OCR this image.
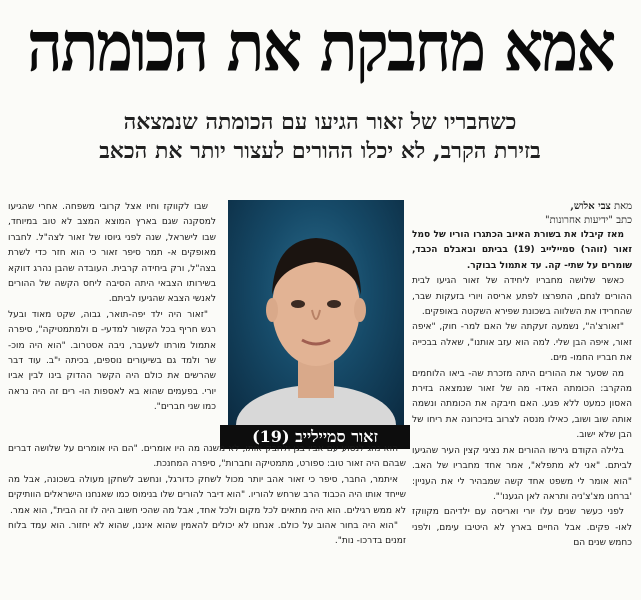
אמא מחבקת את הכומתה
כשחבריו של זאור הגיעו עם הכומתה שנמצאה
בזירת הקרב, לא יכלו ההורים לעצור יותר את הכאב

מאת צבי אלוש,

כתב "ידיעות אחרונות"

מאז קיבלו את בשורת האיוב הכתגרו הוריו של סמל זאור (זוהר) סמיילייב (19) בביתם ובאבלם הכבד, שומרים על שתי- קה. עד אתמול בבוקר.

כאשר שלושה מחבריו ליחידה של זאור הגיעו לבית ההורים לנחם, התפרצו לפתע אריסה ויורי בזעקות שבר, שהחרידו את השלווה בשכונת שפירא השקטה באופקים.

"זאורצ'ה", נשמעה זעקתה של האם למר- חוק, "איפה זאור, איפה הבן שלי. למה הוא עזב אותנו", שאלה בבכייה את חבריו החמו- מים.

מה שסער את ההורים היתה מזכרת שה- ביאו הלוחמים מהקרב: הכומתה האדו- מה של זאור שנמצאה בזירת האסון כמעט ללא פגע. האם חיבקה את הכומתה ונשמה אותה שוב ושוב, כאילו מנסה לצרוב בזיכרונה את ריחו של הבן שלא ישוב.

בלילה הקודם גירשו ההורים את נציגי קצין העיר שהגיעו לביתם. "אני לא מתפלא", אמר אחד מחבריו של האב. "הוא אומר לי משפט אחד קשה שמבהיר לי את העניין: 'ברחנו מצ'צ'ניה ותראה לאן הגענו'".

לפני כעשר שנים עלו יורי ואריסה עם ילדיהם מקווקז לאו- פקים. אבל החיים בארץ לא היטיבו עימם, ולפני כחמש שנים הם

זאור סמיילייב (19)

שבו לקווקז וחיו אצל קרובי משפחה. אחרי שהגיעו למסקנה שגם בארץ המוצא המצב לא טוב במיוחד, שבו לישראל, שנה לפני גיוסו של זאור לצה"ל. לחברו מאופקים א- תמר סיפר זאור כי הוא חזר כדי לשרת בצה"ל, ורק ביחידה קרבית. העובדה שהבן נהרג דווקא בשירותו הצבאי היתה הסיבה ליחס הקשה של ההורים לאנשי הצבא שהגיעו לביתם.

"זאור היה ילד יפה-תואר, גבוה, שקט מאוד ובעל רגש חריף בכל הקשור למדעי- ם ולמתמטיקה", סיפרה אתמול מורתו לשעבר, ניבה אסטרוב. "הוא היה מוכ- שר ולמד גם בשיעורים נוספים, בכיתה י"ב. עוד דבר שהרשים את כולם היה הקשר ההדוק בינו לבין אביו יורי. בפעמים שהוא בא לאספות הו- רים זה היה נראה כמו שני חברים".

הוא נהג לנסוע עם אביו בגן ולחבק אותו, לא משנה מה היו אומרים. "הם היו אומרים על שלושה דברים שבהם היה זאור טוב: ספורט, מתמטיקה וחברות", סיפרה המחנכת.

איתמר, החבר, סיפר כי זאור אהב יותר מכול לשחק כדורגל, ונחשב לשחקן מעולה בשכונה, אבל מה שייחד אותו היה הכבוד הרב שרחש להוריו. "הוא דיבר להורים שלו בנימוס כמו שאנחנו הישראלים הוותיקים לא ממש רגילים. הוא היה מתאים לכל מקום ולכל אחד, אבל מה שהכי חשוב היה לו זה הבית", הוא אמר.

"הוא היה בחור אהוב על כולם. אנחנו לא יכולים להאמין שהוא איננו, שהוא לא יחזור. הוא עמד בלוח זמנים בדרכו- נות".
